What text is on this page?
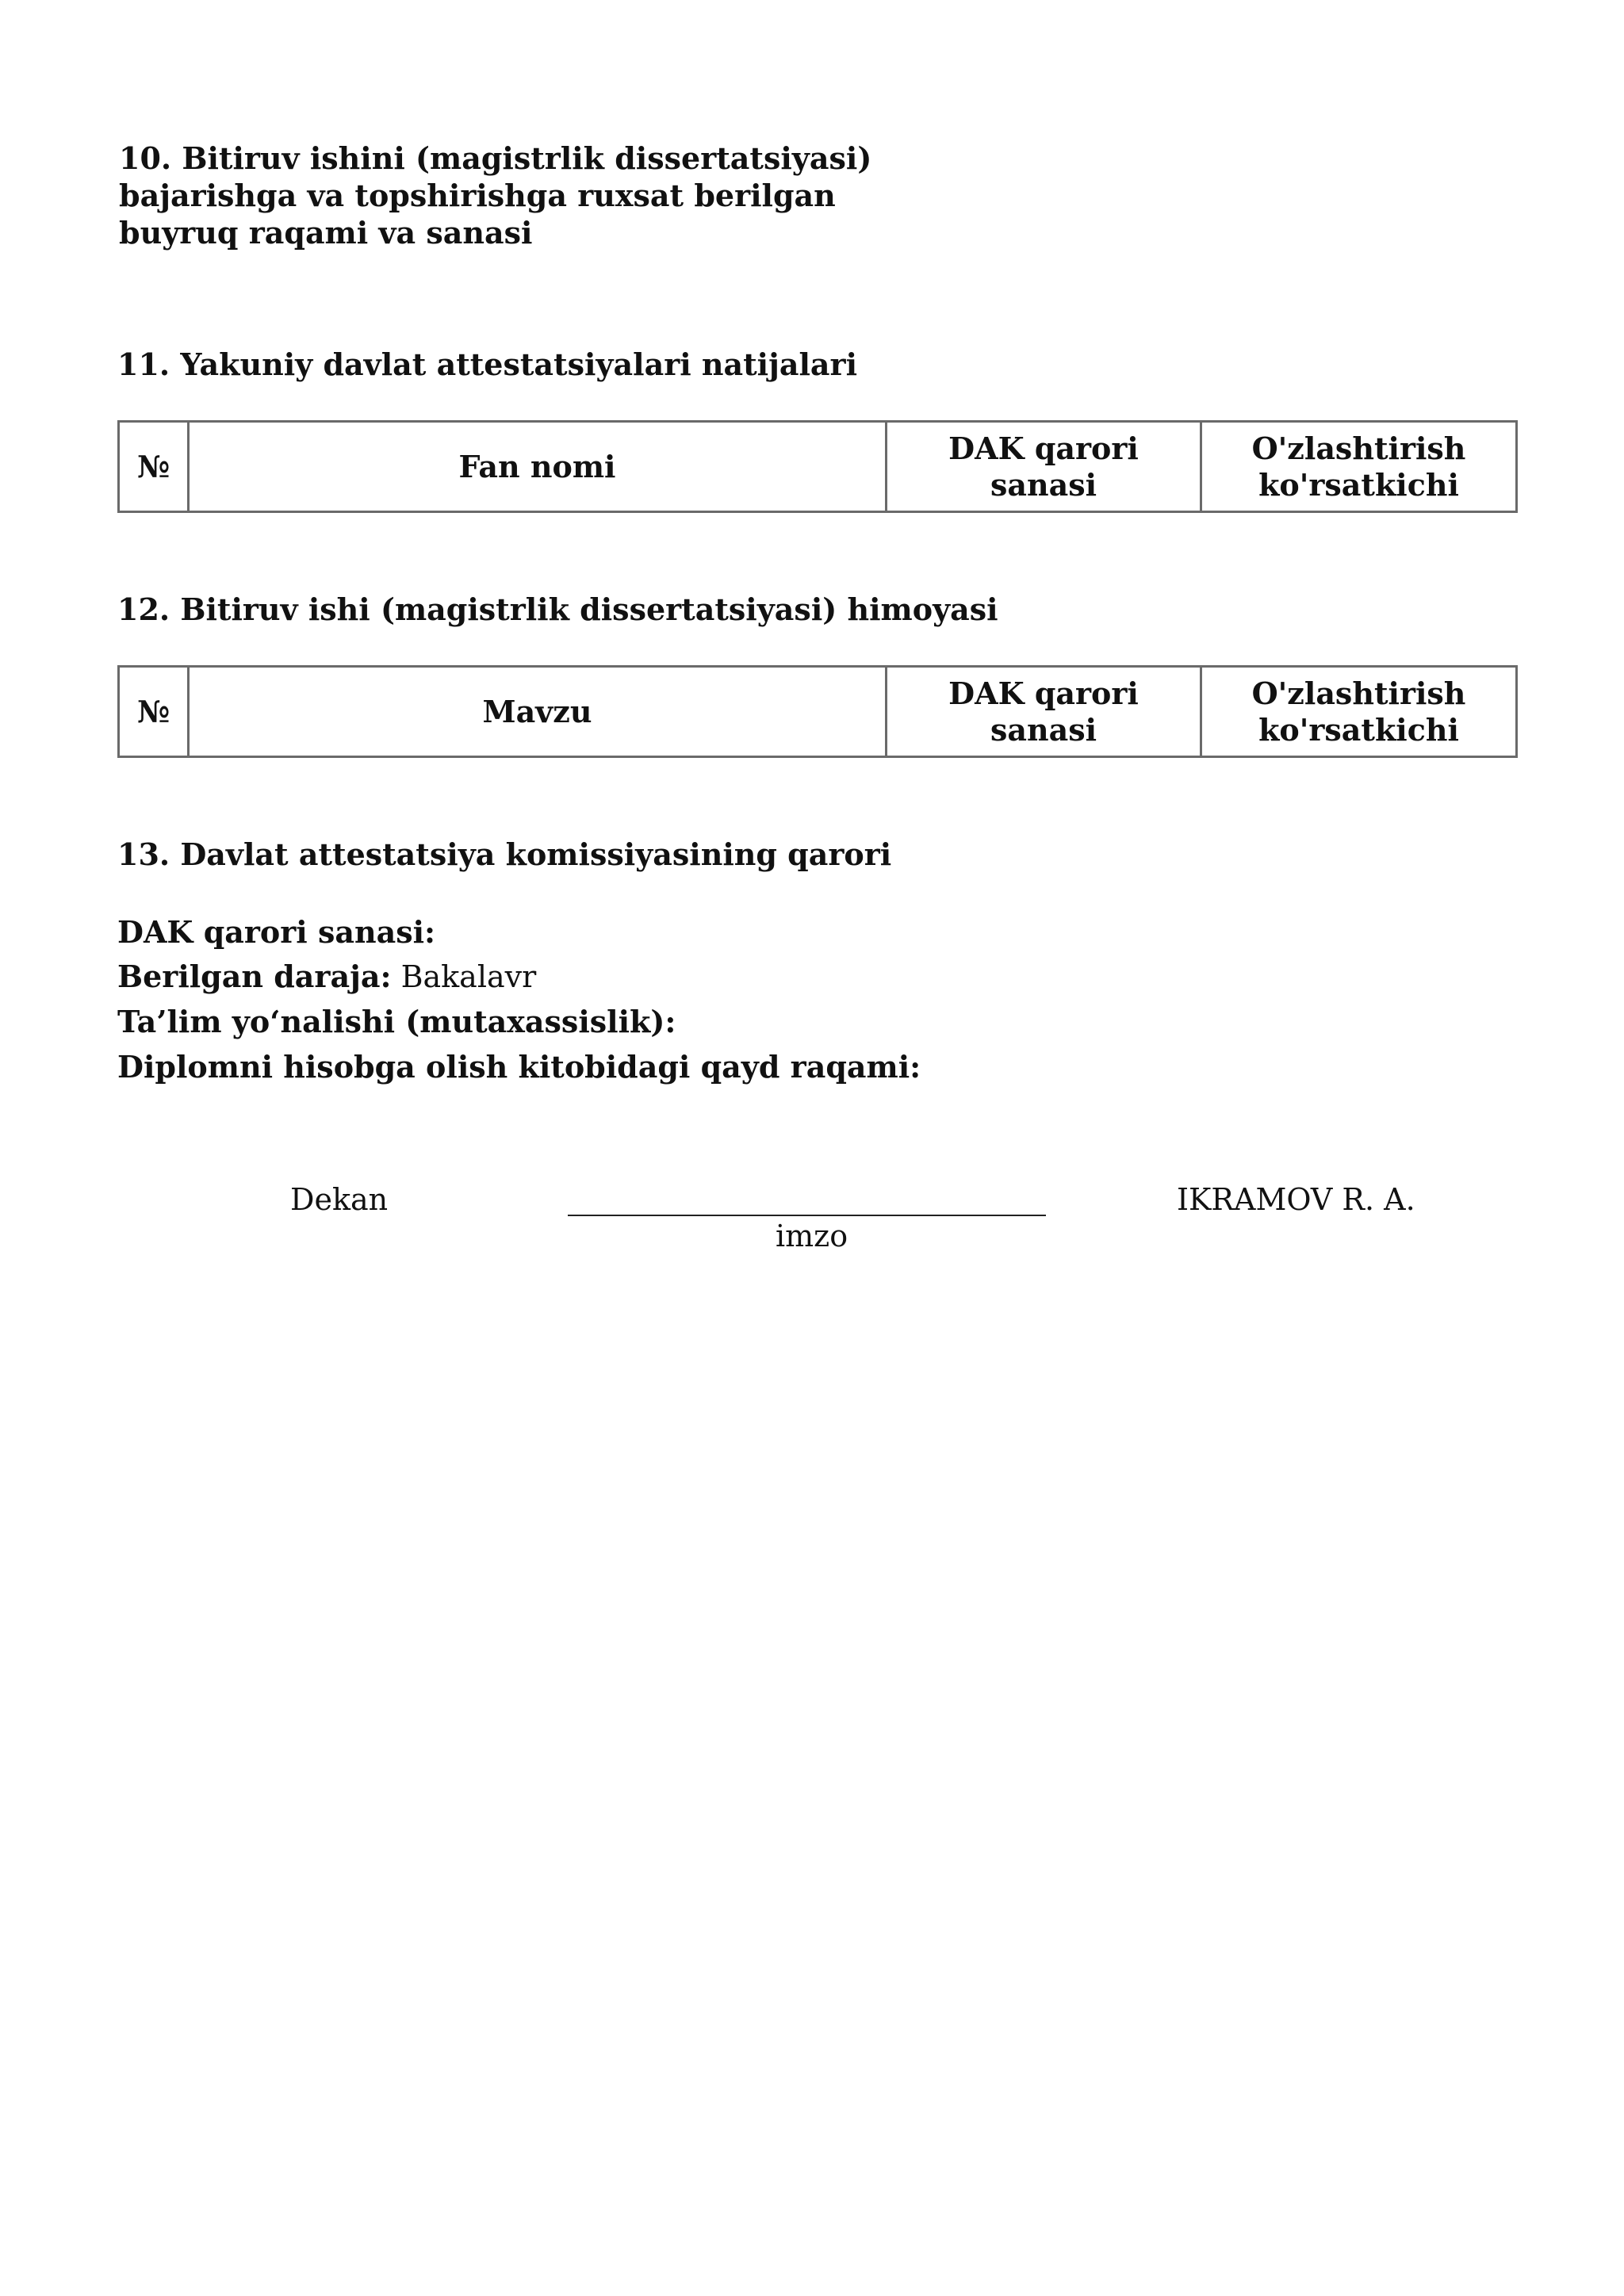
10. Bitiruv ishini (magistrlik dissertatsiyasi) bajarishga va topshirishga ruxsat berilgan buyruq raqami va sanasi

11. Yakuniy davlat attestatsiyalari natijalari

№	Fan nomi	DAK qarori sanasi	O'zlashtirish ko'rsatkichi

12. Bitiruv ishi (magistrlik dissertatsiyasi) himoyasi

№	Mavzu	DAK qarori sanasi	O'zlashtirish ko'rsatkichi

13. Davlat attestatsiya komissiyasining qarori

DAK qarori sanasi:

Berilgan daraja: Bakalavr

Ta’lim yo‘nalishi (mutaxassislik):

Diplomni hisobga olish kitobidagi qayd raqami:

Dekan

imzo

IKRAMOV R. A.
